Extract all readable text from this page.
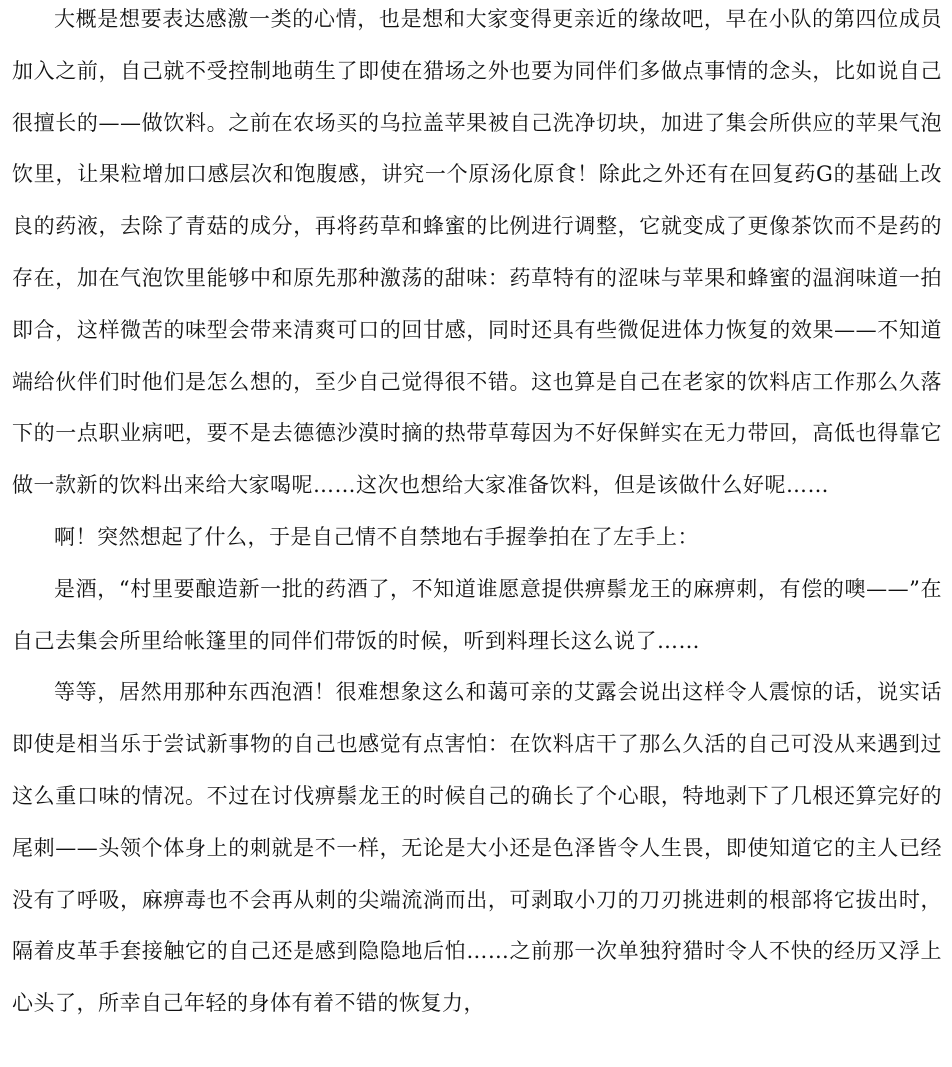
大概是想要表达感激一类的心情，也是想和大家变得更亲近的缘故吧，早在小队的第四位成员加入之前，自己就不受控制地萌生了即使在猎场之外也要为同伴们多做点事情的念头，比如说自己很擅长的——做饮料。之前在农场买的乌拉盖苹果被自己洗净切块，加进了集会所供应的苹果气泡饮里，让果粒增加口感层次和饱腹感，讲究一个原汤化原食！除此之外还有在回复药G的基础上改良的药液，去除了青菇的成分，再将药草和蜂蜜的比例进行调整，它就变成了更像茶饮而不是药的存在，加在气泡饮里能够中和原先那种激荡的甜味：药草特有的涩味与苹果和蜂蜜的温润味道一拍即合，这样微苦的味型会带来清爽可口的回甘感，同时还具有些微促进体力恢复的效果——不知道端给伙伴们时他们是怎么想的，至少自己觉得很不错。这也算是自己在老家的饮料店工作那么久落下的一点职业病吧，要不是去德德沙漠时摘的热带草莓因为不好保鲜实在无力带回，高低也得靠它做一款新的饮料出来给大家喝呢……这次也想给大家准备饮料，但是该做什么好呢……

啊！突然想起了什么，于是自己情不自禁地右手握拳拍在了左手上：

是酒，“村里要酿造新一批的药酒了，不知道谁愿意提供痹鬃龙王的麻痹刺，有偿的噢——”在自己去集会所里给帐篷里的同伴们带饭的时候，听到料理长这么说了……

等等，居然用那种东西泡酒！很难想象这么和蔼可亲的艾露会说出这样令人震惊的话，说实话即使是相当乐于尝试新事物的自己也感觉有点害怕：在饮料店干了那么久活的自己可没从来遇到过这么重口味的情况。不过在讨伐痹鬃龙王的时候自己的确长了个心眼，特地剥下了几根还算完好的尾刺——头领个体身上的刺就是不一样，无论是大小还是色泽皆令人生畏，即使知道它的主人已经没有了呼吸，麻痹毒也不会再从刺的尖端流淌而出，可剥取小刀的刀刃挑进刺的根部将它拔出时，隔着皮革手套接触它的自己还是感到隐隐地后怕……之前那一次单独狩猎时令人不快的经历又浮上心头了，所幸自己年轻的身体有着不错的恢复力，
